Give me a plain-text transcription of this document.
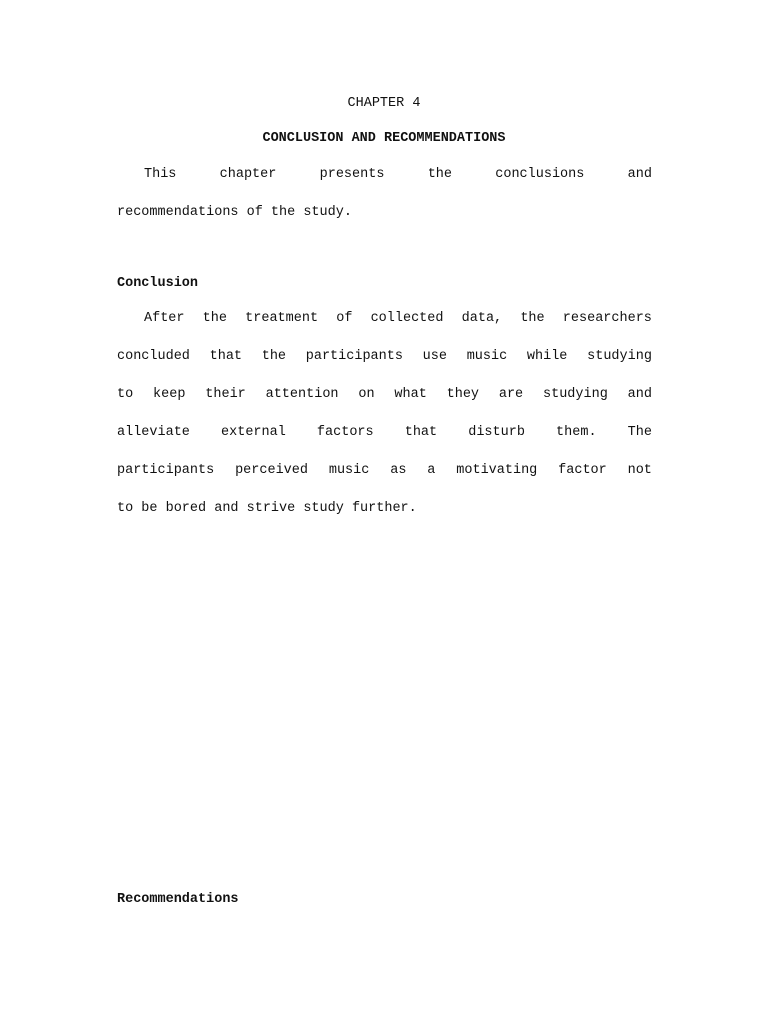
CHAPTER 4
CONCLUSION AND RECOMMENDATIONS
This	chapter	presents	the	conclusions	and
recommendations of the study.
Conclusion
After the treatment of collected data, the researchers
concluded that the participants use music while studying
to keep their attention on what they are studying and
alleviate external factors that disturb them. The
participants perceived music as a motivating factor not
to be bored and strive study further.
Recommendations
